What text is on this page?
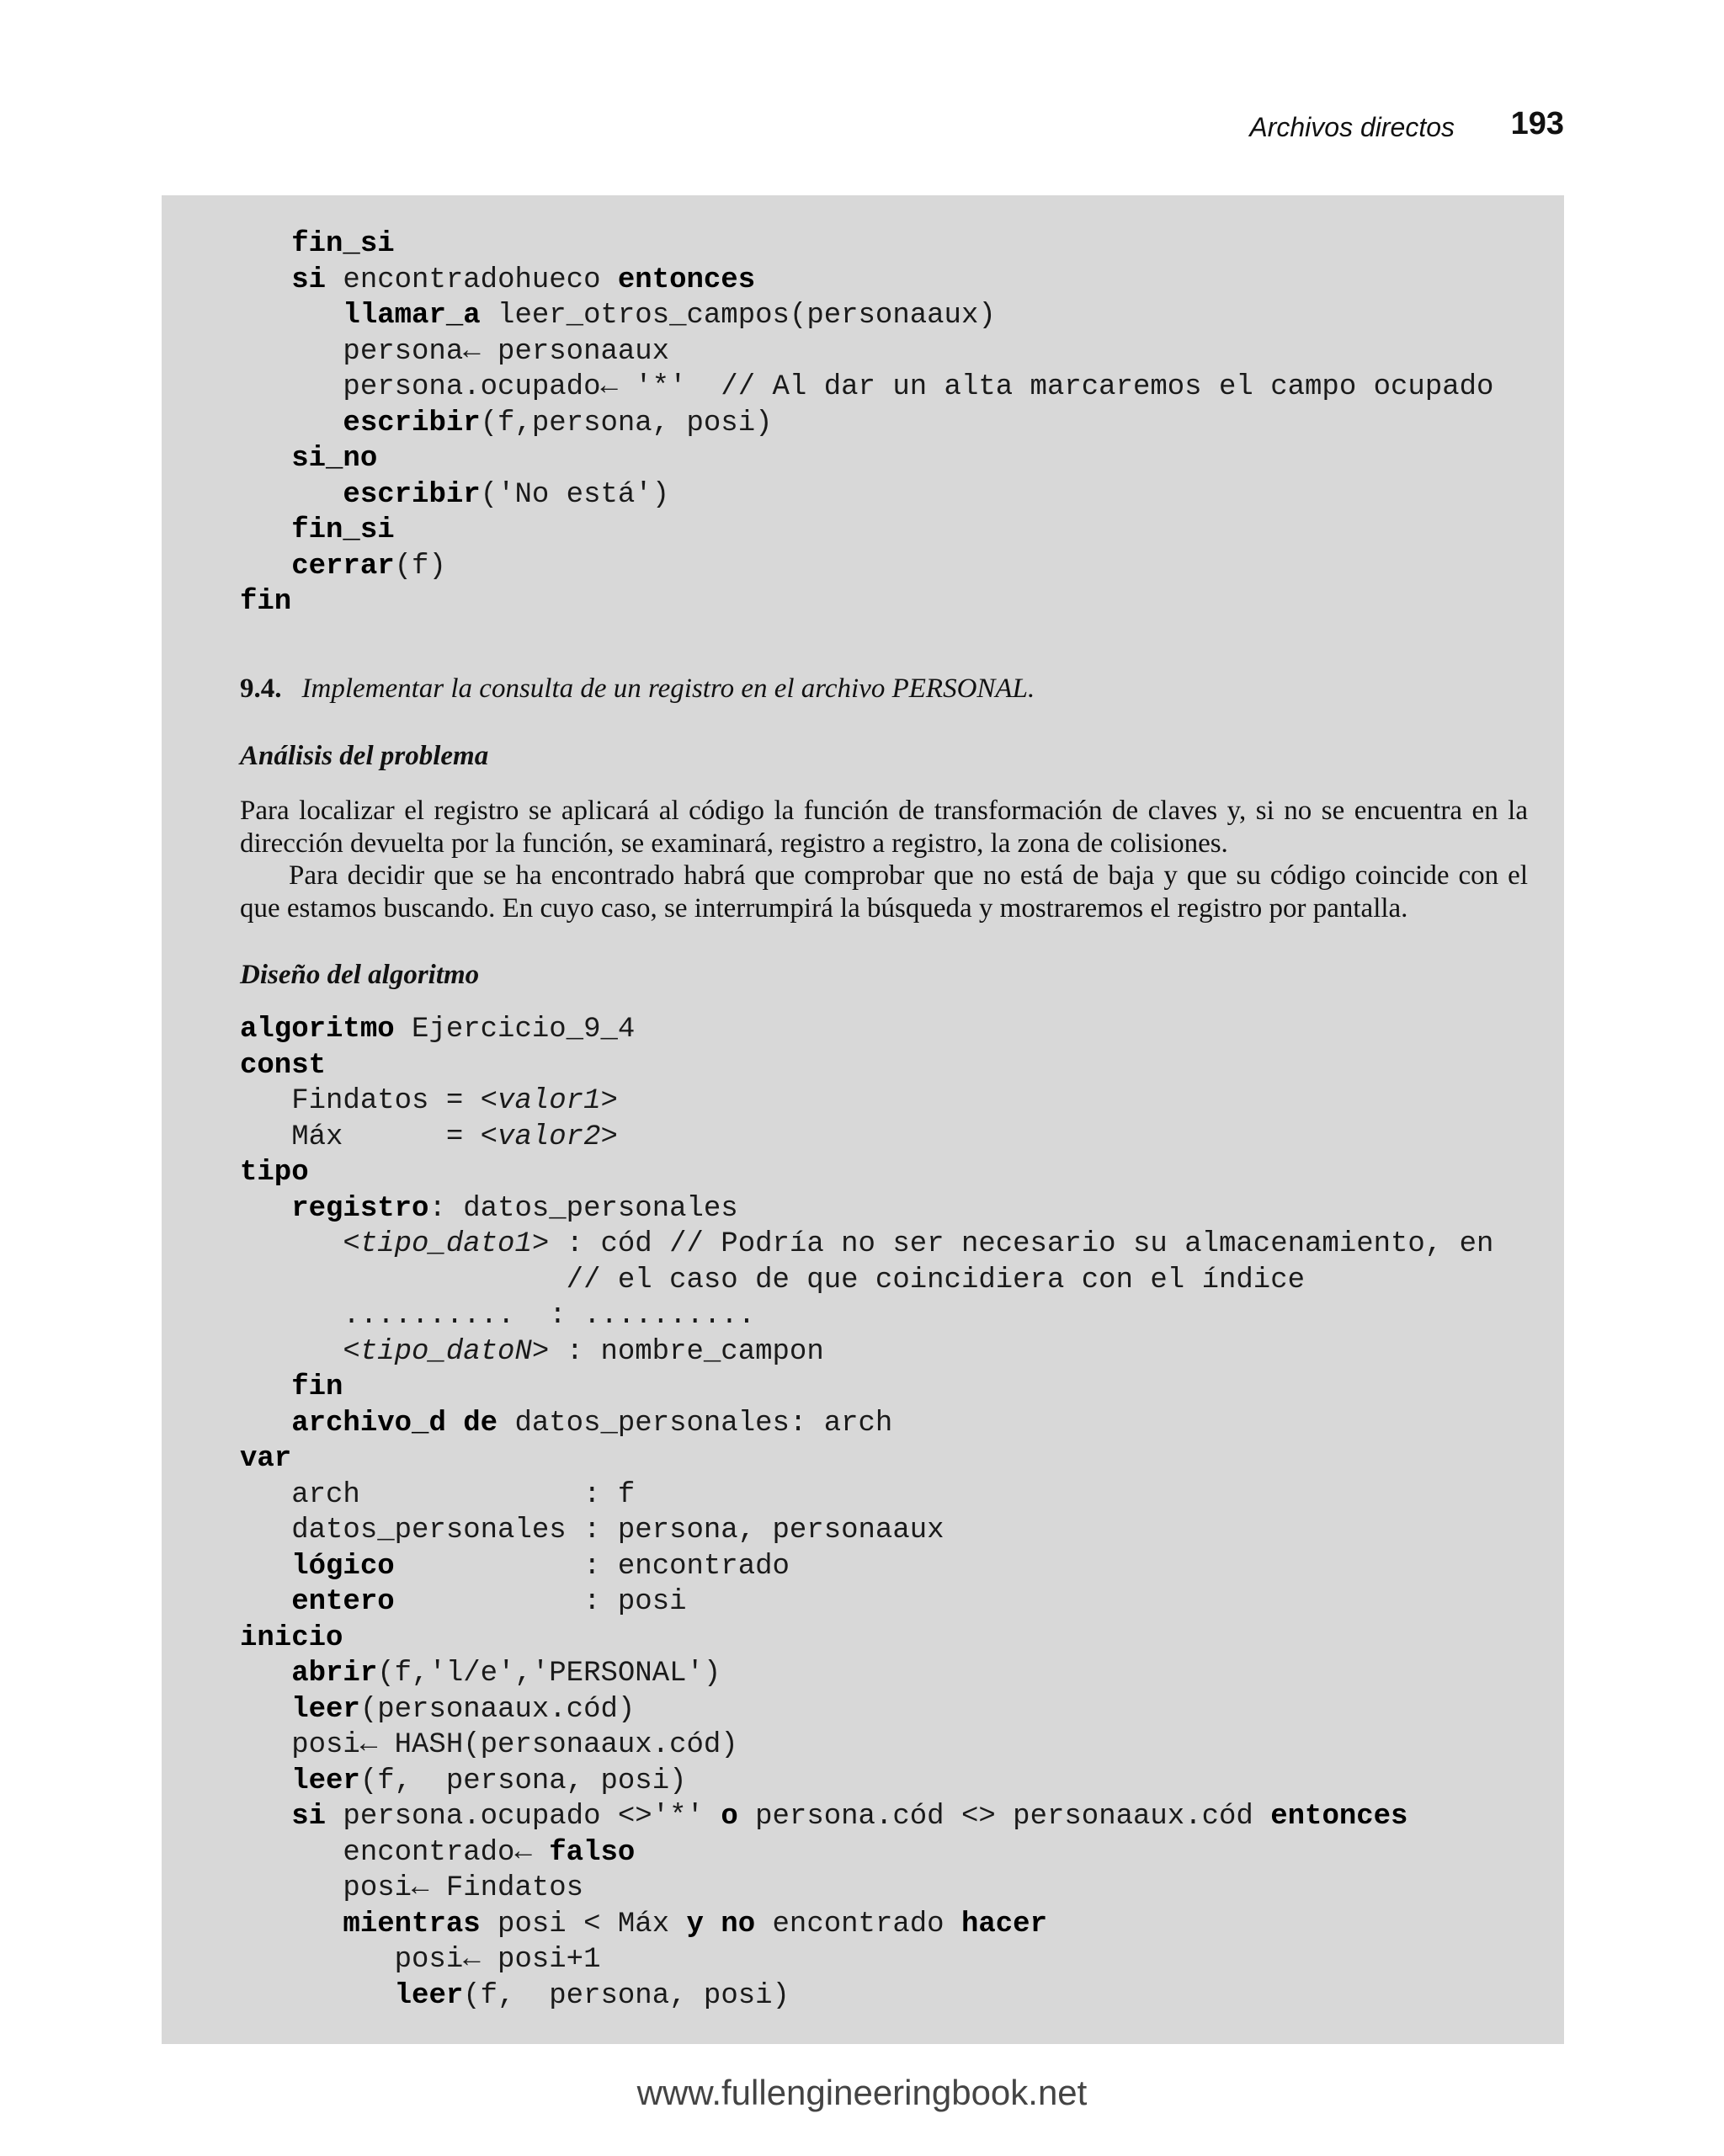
Archivos directos 193
fin_si
si encontradohueco entonces
llamar_a leer_otros_campos(personaaux)
persona← personaaux
persona.ocupado← '*'  // Al dar un alta marcaremos el campo ocupado
escribir(f,persona, posi)
si_no
escribir('No está')
fin_si
cerrar(f)
fin
9.4. Implementar la consulta de un registro en el archivo PERSONAL.
Análisis del problema

Para localizar el registro se aplicará al código la función de transformación de claves y, si no se encuentra en la dirección devuelta por la función, se examinará, registro a registro, la zona de colisiones.

Para decidir que se ha encontrado habrá que comprobar que no está de baja y que su código coincide con el que estamos buscando. En cuyo caso, se interrumpirá la búsqueda y mostraremos el registro por pantalla.

Diseño del algoritmo
algoritmo Ejercicio_9_4
const
Findatos = <valor1>
Máx      = <valor2>
tipo
registro: datos_personales
<tipo_dato1> : cód // Podría no ser necesario su almacenamiento, en
// el caso de que coincidiera con el índice
..........  : ..........
<tipo_datoN> : nombre_campon
fin
archivo_d de datos_personales: arch
var
arch             : f
datos_personales : persona, personaaux
lógico           : encontrado
entero           : posi
inicio
abrir(f,'l/e','PERSONAL')
leer(personaaux.cód)
posi← HASH(personaaux.cód)
leer(f,  persona, posi)
si persona.ocupado <>'*' o persona.cód <> personaaux.cód entonces
encontrado← falso
posi← Findatos
mientras posi < Máx y no encontrado hacer
posi← posi+1
leer(f,  persona, posi)
www.fullengineeringbook.net
